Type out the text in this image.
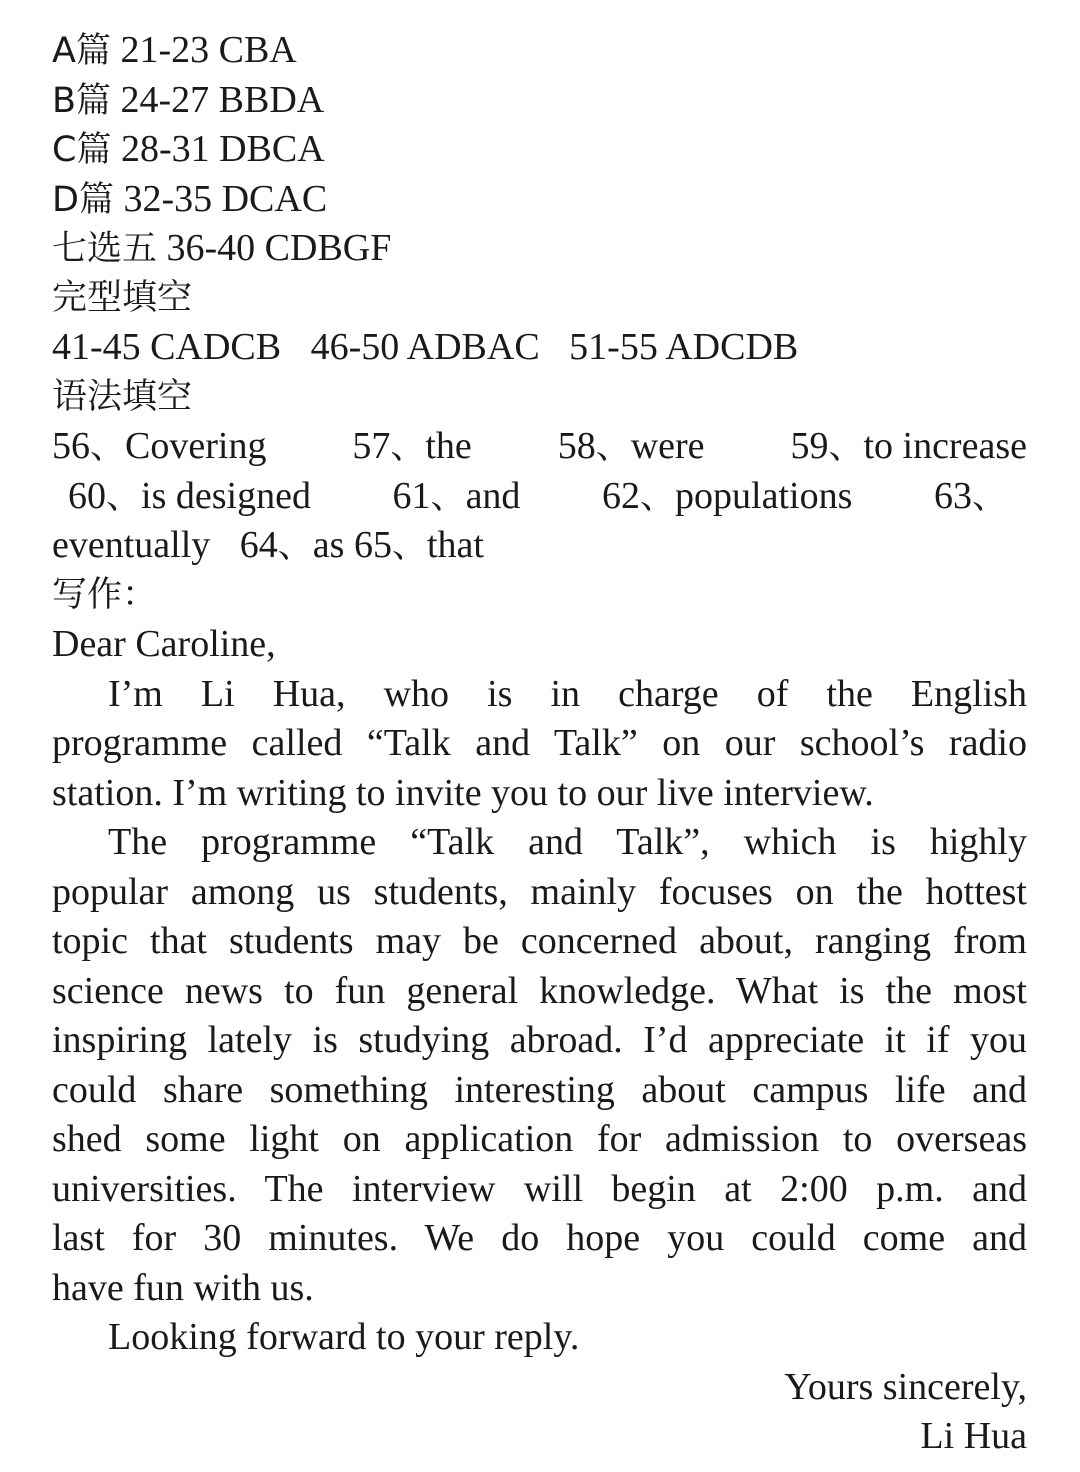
A篇 21-23 CBA
B篇 24-27 BBDA
C篇 28-31 DBCA
D篇 32-35 DCAC
七选五 36-40 CDBGF
完型填空
41-45 CADCB 46-50 ADBAC 51-55 ADCDB
语法填空
56、Covering 57、the 58、were 59、to increase
60、is designed 61、and 62、populations 63、
eventually 64、as 65、that
写作：
Dear Caroline,
I’m Li Hua, who is in charge of the English
programme called “Talk and Talk” on our school’s radio
station. I’m writing to invite you to our live interview.
The programme “Talk and Talk”, which is highly
popular among us students, mainly focuses on the hottest
topic that students may be concerned about, ranging from
science news to fun general knowledge. What is the most
inspiring lately is studying abroad. I’d appreciate it if you
could share something interesting about campus life and
shed some light on application for admission to overseas
universities. The interview will begin at 2:00 p.m. and
last for 30 minutes. We do hope you could come and
have fun with us.
Looking forward to your reply.
Yours sincerely,
Li Hua
